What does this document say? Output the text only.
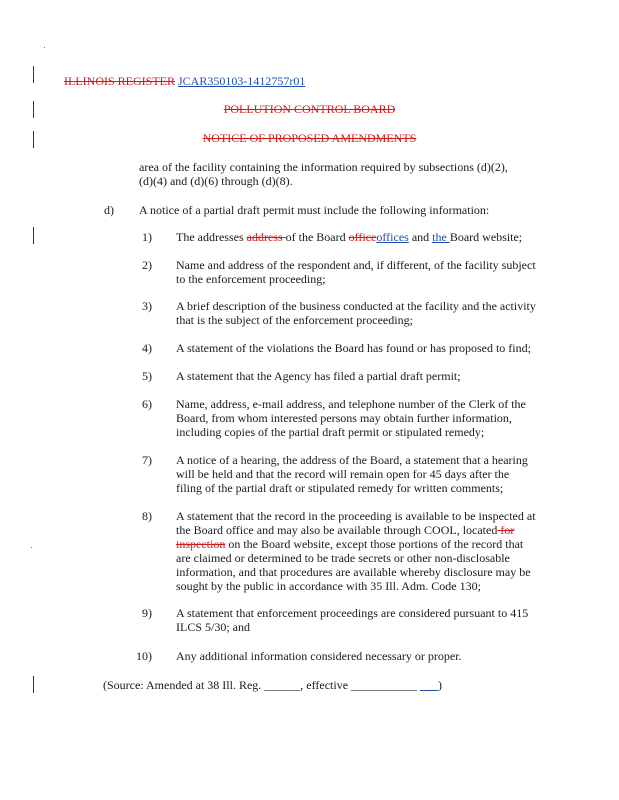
ILLINOIS REGISTER JCAR350103-1412757r01
POLLUTION CONTROL BOARD
NOTICE OF PROPOSED AMENDMENTS
area of the facility containing the information required by subsections (d)(2),
(d)(4) and (d)(6) through (d)(8).
d) A notice of a partial draft permit must include the following information:
1) The addresses address of the Board officeoffices and the Board website;
2) Name and address of the respondent and, if different, of the facility subject
to the enforcement proceeding;
3) A brief description of the business conducted at the facility and the activity
that is the subject of the enforcement proceeding;
4) A statement of the violations the Board has found or has proposed to find;
5) A statement that the Agency has filed a partial draft permit;
6) Name, address, e-mail address, and telephone number of the Clerk of the
Board, from whom interested persons may obtain further information,
including copies of the partial draft permit or stipulated remedy;
7) A notice of a hearing, the address of the Board, a statement that a hearing
will be held and that the record will remain open for 45 days after the
filing of the partial draft or stipulated remedy for written comments;
8) A statement that the record in the proceeding is available to be inspected at
the Board office and may also be available through COOL, located for
inspection on the Board website, except those portions of the record that
are claimed or determined to be trade secrets or other non-disclosable
information, and that procedures are available whereby disclosure may be
sought by the public in accordance with 35 Ill. Adm. Code 130;
9) A statement that enforcement proceedings are considered pursuant to 415
ILCS 5/30; and
10) Any additional information considered necessary or proper.
(Source: Amended at 38 Ill. Reg. ______, effective ___________ ___)
